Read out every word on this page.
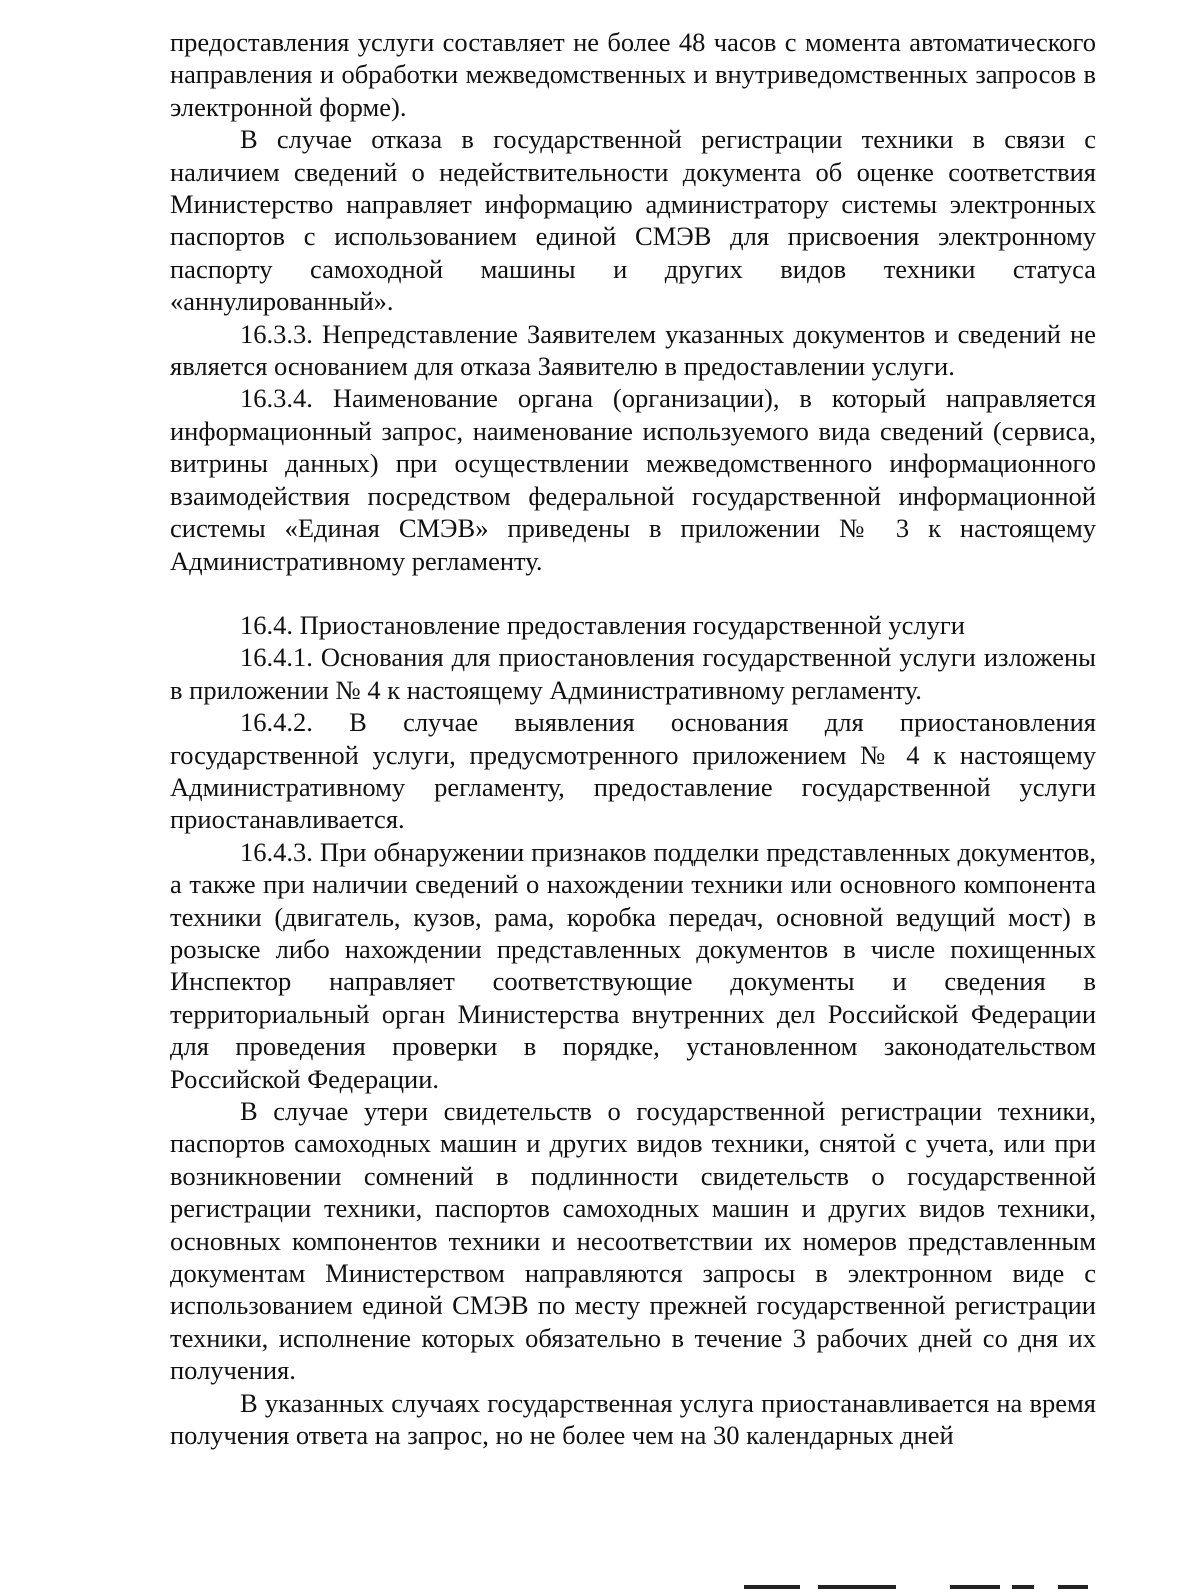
предоставления услуги составляет не более 48 часов с момента автоматического направления и обработки межведомственных и внутриведомственных запросов в электронной форме).

В случае отказа в государственной регистрации техники в связи с наличием сведений о недействительности документа об оценке соответствия Министерство направляет информацию администратору системы электронных паспортов с использованием единой СМЭВ для присвоения электронному паспорту самоходной машины и других видов техники статуса «аннулированный».

16.3.3. Непредставление Заявителем указанных документов и сведений не является основанием для отказа Заявителю в предоставлении услуги.

16.3.4. Наименование органа (организации), в который направляется информационный запрос, наименование используемого вида сведений (сервиса, витрины данных) при осуществлении межведомственного информационного взаимодействия посредством федеральной государственной информационной системы «Единая СМЭВ» приведены в приложении № 3 к настоящему Административному регламенту.

16.4. Приостановление предоставления государственной услуги

16.4.1. Основания для приостановления государственной услуги изложены в приложении № 4 к настоящему Административному регламенту.

16.4.2. В случае выявления основания для приостановления государственной услуги, предусмотренного приложением № 4 к настоящему Административному регламенту, предоставление государственной услуги приостанавливается.

16.4.3. При обнаружении признаков подделки представленных документов, а также при наличии сведений о нахождении техники или основного компонента техники (двигатель, кузов, рама, коробка передач, основной ведущий мост) в розыске либо нахождении представленных документов в числе похищенных Инспектор направляет соответствующие документы и сведения в территориальный орган Министерства внутренних дел Российской Федерации для проведения проверки в порядке, установленном законодательством Российской Федерации.

В случае утери свидетельств о государственной регистрации техники, паспортов самоходных машин и других видов техники, снятой с учета, или при возникновении сомнений в подлинности свидетельств о государственной регистрации техники, паспортов самоходных машин и других видов техники, основных компонентов техники и несоответствии их номеров представленным документам Министерством направляются запросы в электронном виде с использованием единой СМЭВ по месту прежней государственной регистрации техники, исполнение которых обязательно в течение 3 рабочих дней со дня их получения.

В указанных случаях государственная услуга приостанавливается на время получения ответа на запрос, но не более чем на 30 календарных дней
